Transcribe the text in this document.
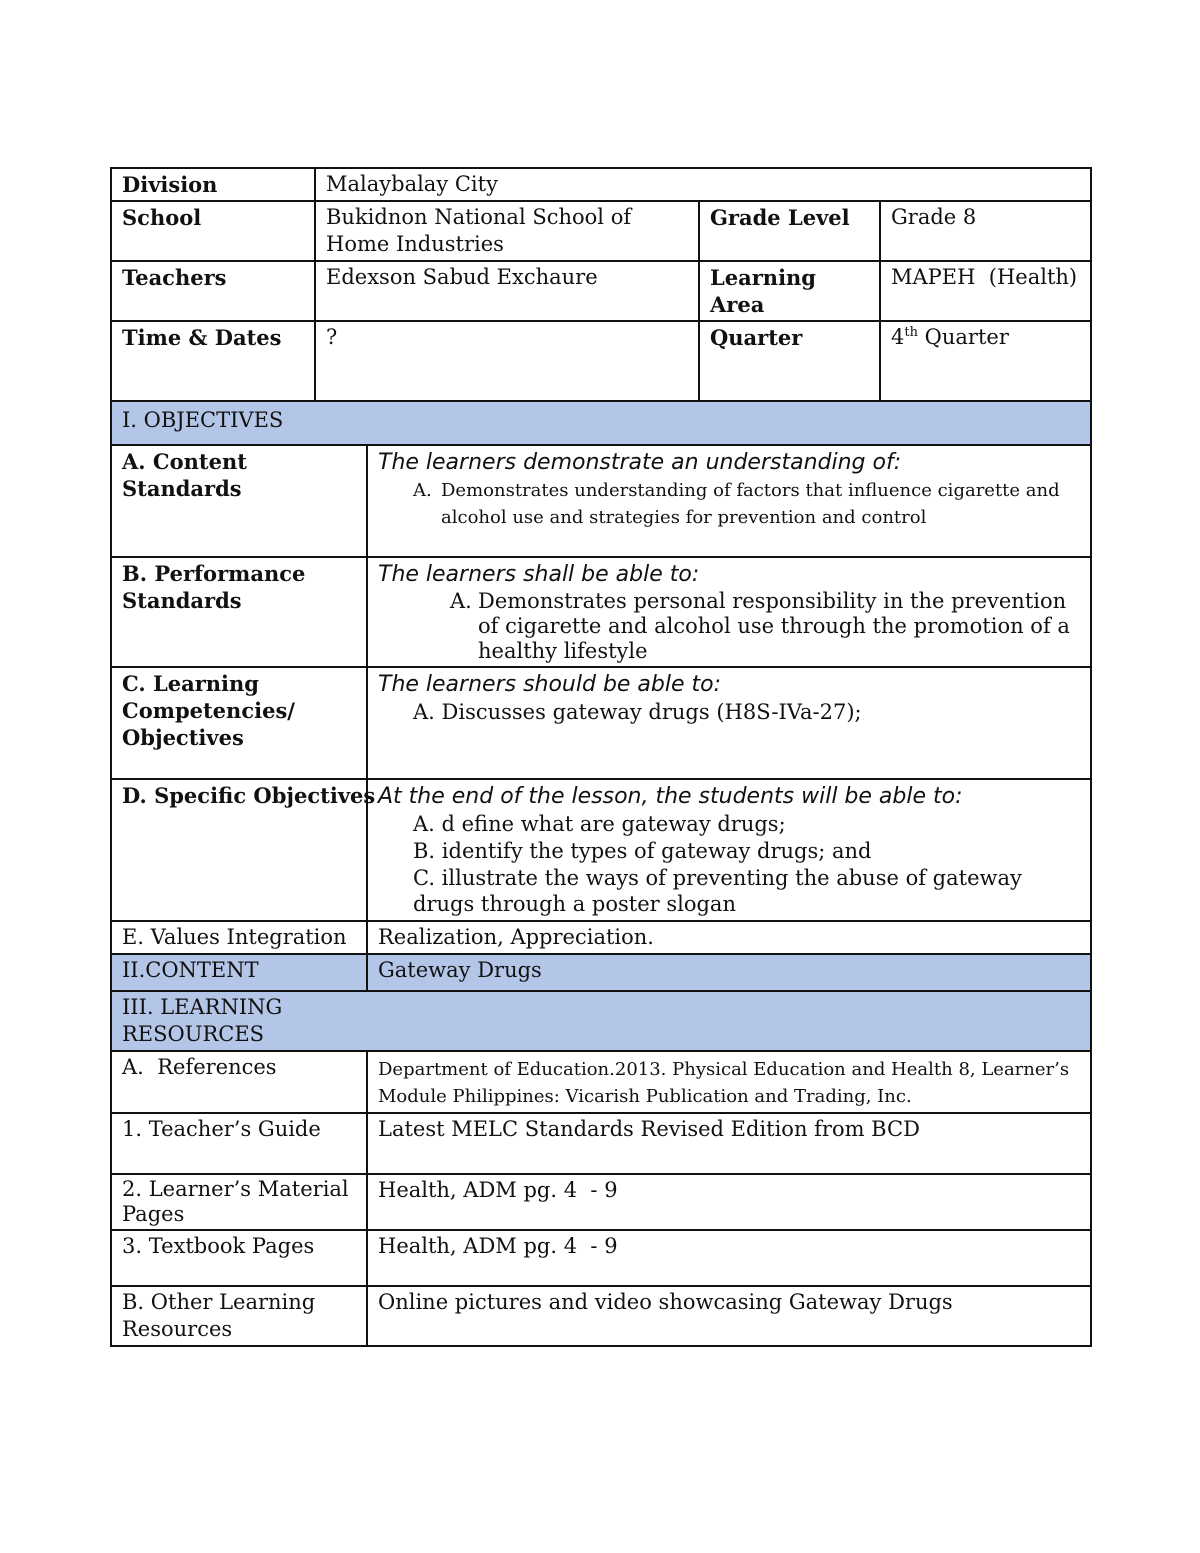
Division	Malaybalay City		
School	Bukidnon National School of Home Industries	Grade Level	Grade 8
Teachers	Edexson Sabud Exchaure	Learning Area	MAPEH  (Health)
Time & Dates	?	Quarter	4th Quarter
I. OBJECTIVES	
A. Content Standards	The learners demonstrate an understanding of:
A. Demonstrates understanding of factors that influence cigarette and alcohol use and strategies for prevention and control

B. Performance Standards	The learners shall be able to:
A. Demonstrates personal responsibility in the prevention of cigarette and alcohol use through the promotion of a healthy lifestyle

C. Learning Competencies/ Objectives	The learners should be able to:
A. Discusses gateway drugs (H8S-IVa-27);

D. Specific Objectives	At the end of the lesson, the students will be able to:
A. d efine what are gateway drugs;
B. identify the types of gateway drugs; and
C. illustrate the ways of preventing the abuse of gateway drugs through a poster slogan

E. Values Integration	Realization, Appreciation.
II.CONTENT	Gateway Drugs

III. LEARNING RESOURCES	

A.  References	Department of Education.2013. Physical Education and Health 8, Learner’s Module Philippines: Vicarish Publication and Trading, Inc.
1. Teacher’s Guide	Latest MELC Standards Revised Edition from BCD
2. Learner’s Material Pages	Health, ADM pg. 4  - 9
3. Textbook Pages	Health, ADM pg. 4  - 9
B. Other Learning Resources	Online pictures and video showcasing Gateway Drugs
